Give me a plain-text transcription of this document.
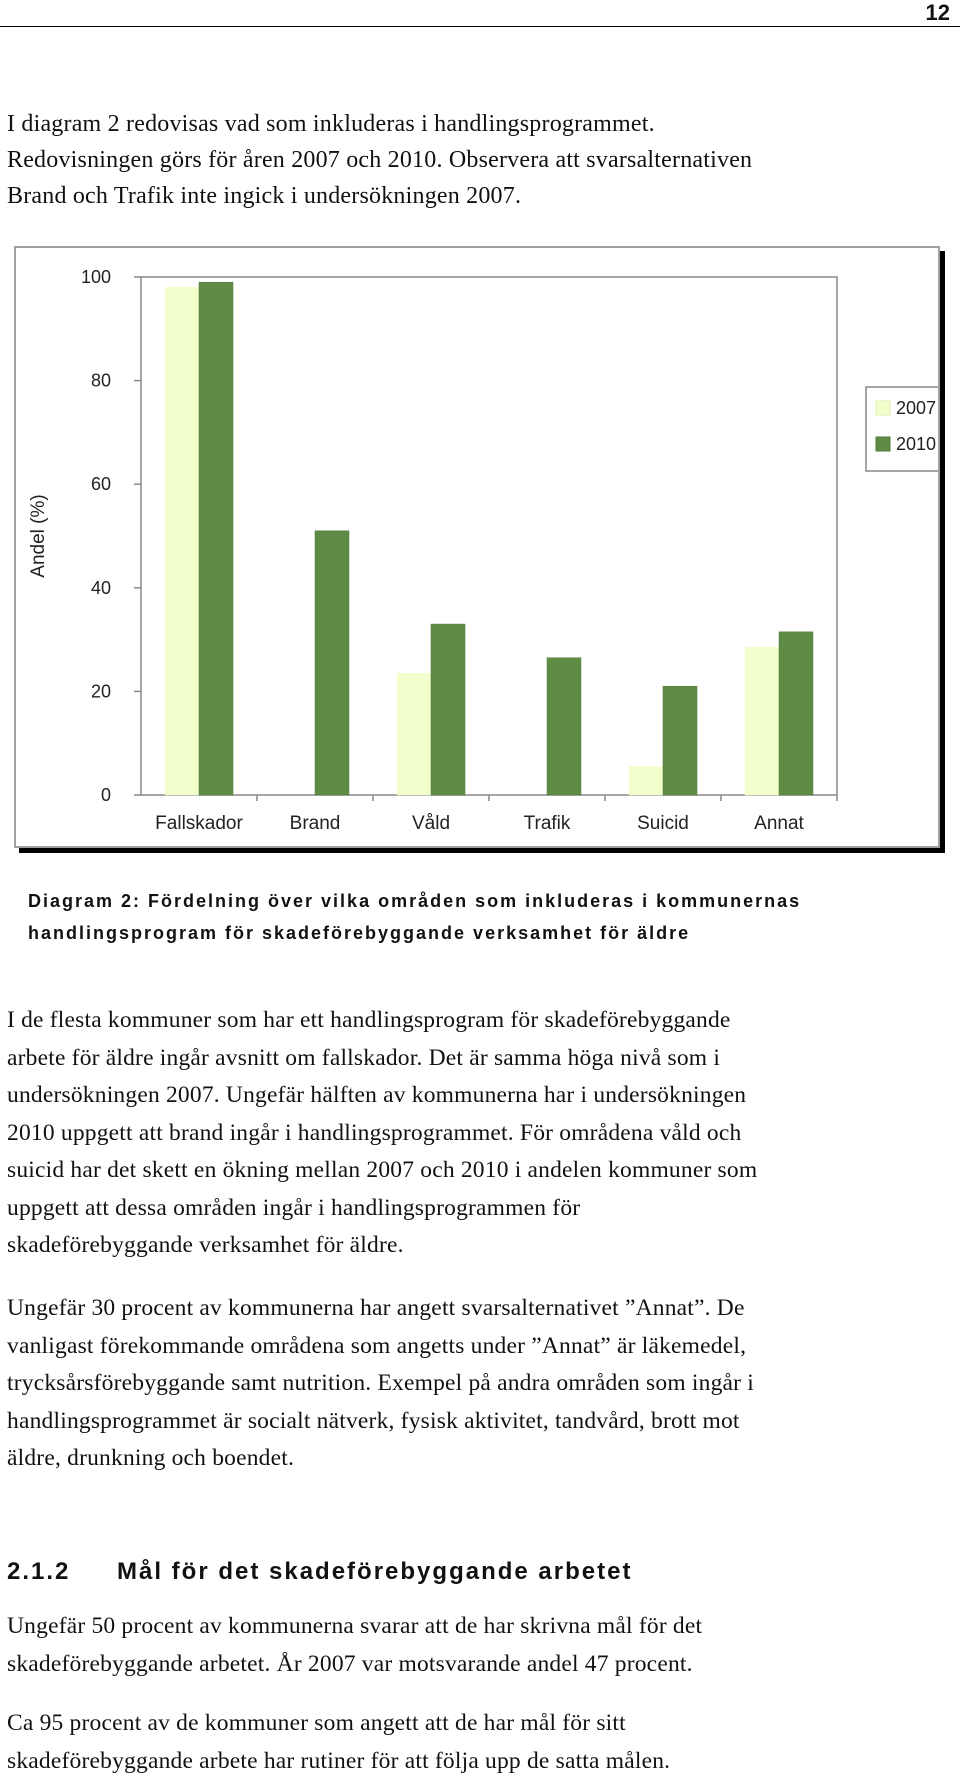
12
I diagram 2 redovisas vad som inkluderas i handlingsprogrammet.
Redovisningen görs för åren 2007 och 2010. Observera att svarsalternativen
Brand och Trafik inte ingick i undersökningen 2007.
0
20
40
60
80
100
Andel (%)
Fallskador Brand	Våld	Trafik	Suicid	Annat
2007
2010
Diagram 2: Fördelning över vilka områden som inkluderas i kommunernas
handlingsprogram för skadeförebyggande verksamhet för äldre
I de flesta kommuner som har ett handlingsprogram för skadeförebyggande
arbete för äldre ingår avsnitt om fallskador. Det är samma höga nivå som i
undersökningen 2007. Ungefär hälften av kommunerna har i undersökningen
2010 uppgett att brand ingår i handlingsprogrammet. För områdena våld och
suicid har det skett en ökning mellan 2007 och 2010 i andelen kommuner som
uppgett att dessa områden ingår i handlingsprogrammen för
skadeförebyggande verksamhet för äldre.
Ungefär 30 procent av kommunerna har angett svarsalternativet ”Annat”. De
vanligast förekommande områdena som angetts under ”Annat” är läkemedel,
trycksårsförebyggande samt nutrition. Exempel på andra områden som ingår i
handlingsprogrammet är socialt nätverk, fysisk aktivitet, tandvård, brott mot
äldre, drunkning och boendet.
2.1.2 Mål för det skadeförebyggande arbetet
Ungefär 50 procent av kommunerna svarar att de har skrivna mål för det
skadeförebyggande arbetet. År 2007 var motsvarande andel 47 procent.
Ca 95 procent av de kommuner som angett att de har mål för sitt
skadeförebyggande arbete har rutiner för att följa upp de satta målen.
